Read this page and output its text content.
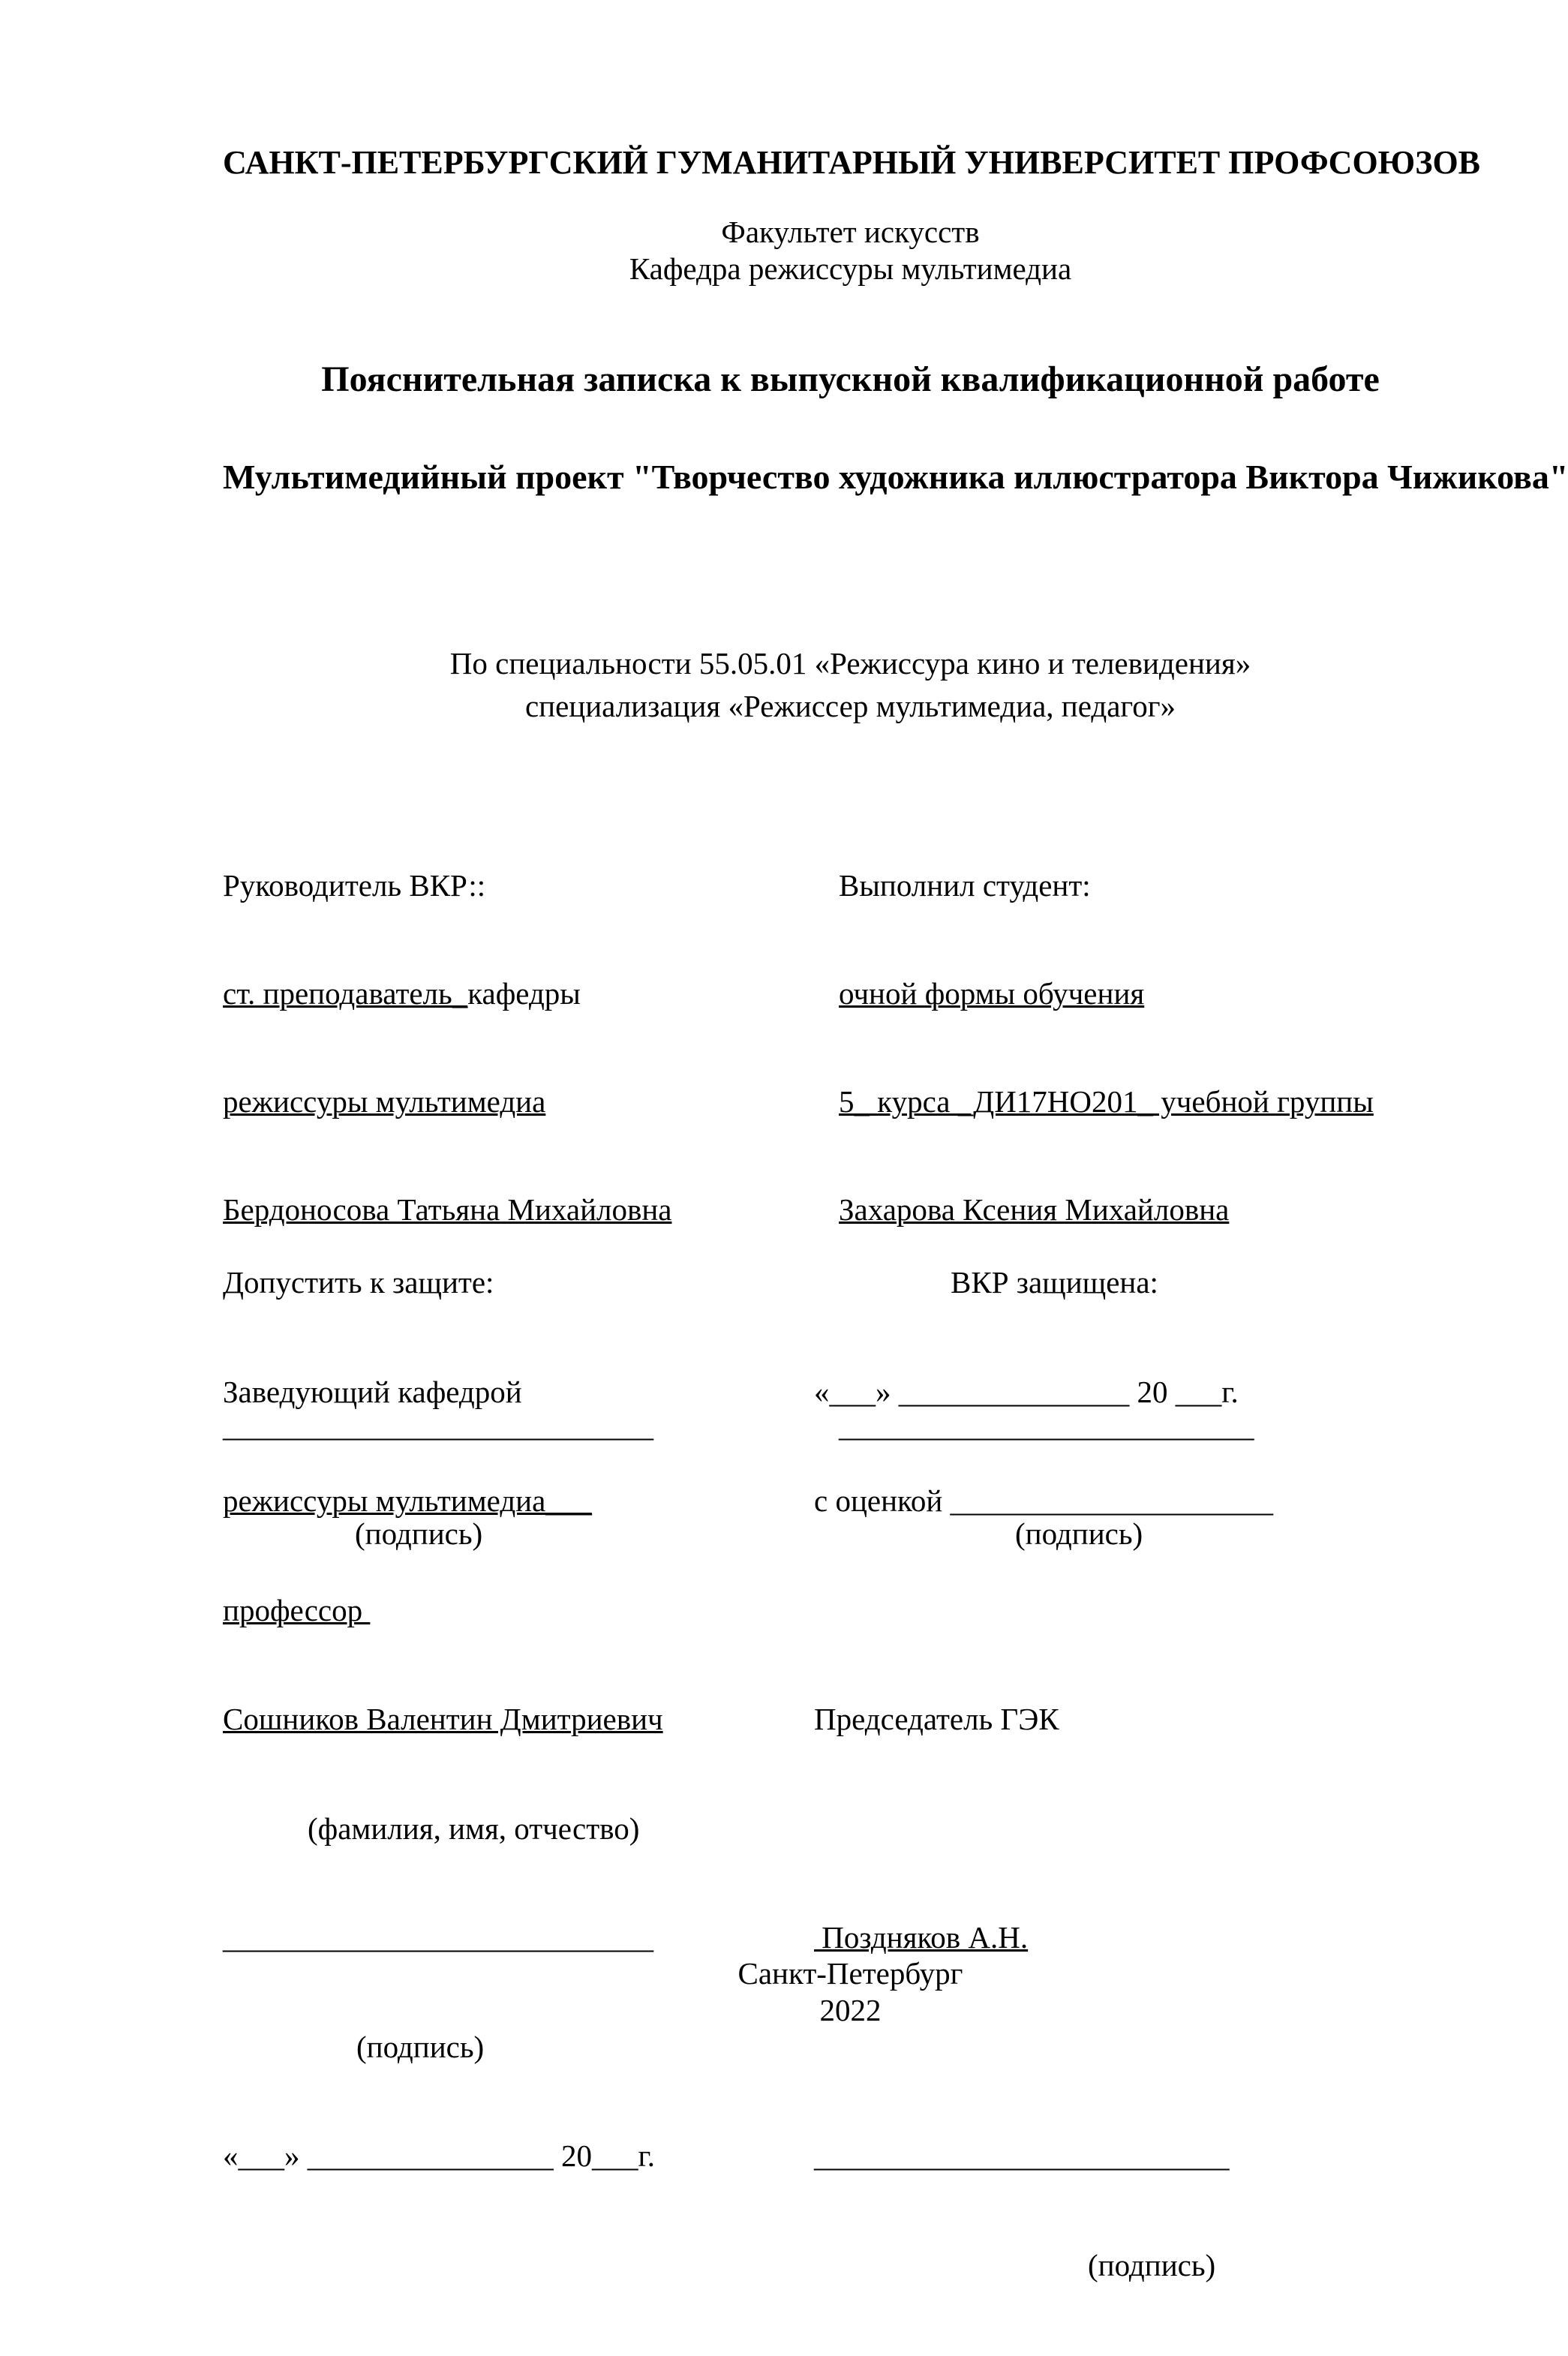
САНКТ-ПЕТЕРБУРГСКИЙ ГУМАНИТАРНЫЙ УНИВЕРСИТЕТ ПРОФСОЮЗОВ
Факультет искусств
Кафедра режиссуры мультимедиа
Пояснительная записка к выпускной квалификационной работе
Мультимедийный проект "Творчество художника иллюстратора Виктора Чижикова"
По специальности 55.05.01 «Режиссура кино и телевидения»
специализация «Режиссер мультимедиа, педагог»

Руководитель ВКР::

ст. преподаватель_кафедры

режиссуры мультимедиа

Бердоносова Татьяна Михайловна

____________________________

(подпись)

Выполнил студент:

очной формы обучения

5_ курса _ДИ17НО201_ учебной группы

Захарова Ксения Михайловна

___________________________

(подпись)

Допустить к защите:

Заведующий кафедрой

режиссуры мультимедиа___

профессор

Сошников Валентин Дмитриевич

(фамилия, имя, отчество)

____________________________

(подпись)

«___» ________________ 20___г.

ВКР защищена:

«___» _______________ 20 ___г.

с оценкой _____________________

Председатель ГЭК

Поздняков А.Н.

___________________________

(подпись)

Санкт-Петербург
2022
